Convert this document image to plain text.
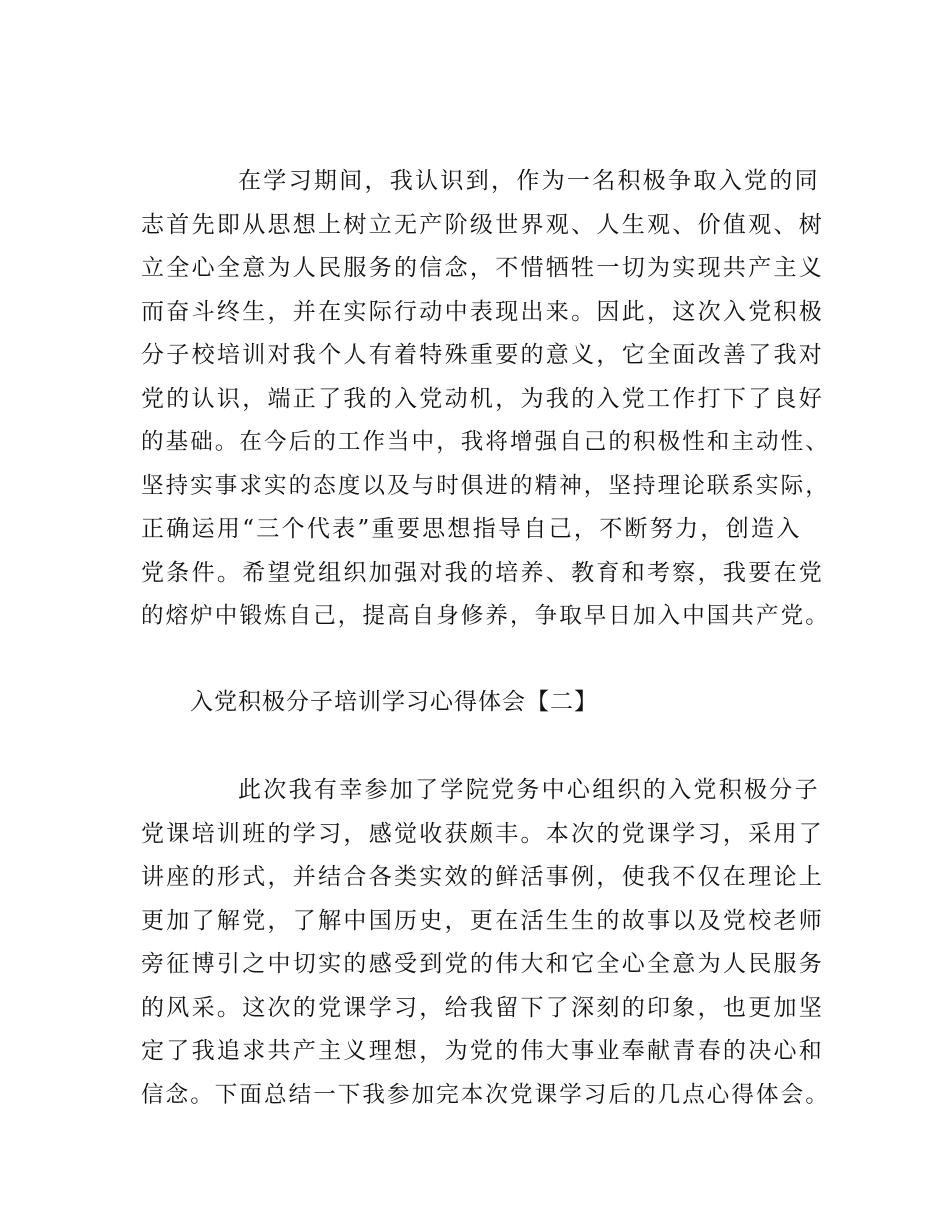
在学习期间，我认识到，作为一名积极争取入党的同
志首先即从思想上树立无产阶级世界观、人生观、价值观、树
立全心全意为人民服务的信念，不惜牺牲一切为实现共产主义
而奋斗终生，并在实际行动中表现出来。因此，这次入党积极
分子校培训对我个人有着特殊重要的意义，它全面改善了我对
党的认识，端正了我的入党动机，为我的入党工作打下了良好
的基础。在今后的工作当中，我将增强自己的积极性和主动性、
坚持实事求实的态度以及与时俱进的精神，坚持理论联系实际，
正确运用“三个代表”重要思想指导自己，不断努力，创造入
党条件。希望党组织加强对我的培养、教育和考察，我要在党
的熔炉中锻炼自己，提高自身修养，争取早日加入中国共产党。
入党积极分子培训学习心得体会【二】
此次我有幸参加了学院党务中心组织的入党积极分子
党课培训班的学习，感觉收获颇丰。本次的党课学习，采用了
讲座的形式，并结合各类实效的鲜活事例，使我不仅在理论上
更加了解党，了解中国历史，更在活生生的故事以及党校老师
旁征博引之中切实的感受到党的伟大和它全心全意为人民服务
的风采。这次的党课学习，给我留下了深刻的印象，也更加坚
定了我追求共产主义理想，为党的伟大事业奉献青春的决心和
信念。下面总结一下我参加完本次党课学习后的几点心得体会。
